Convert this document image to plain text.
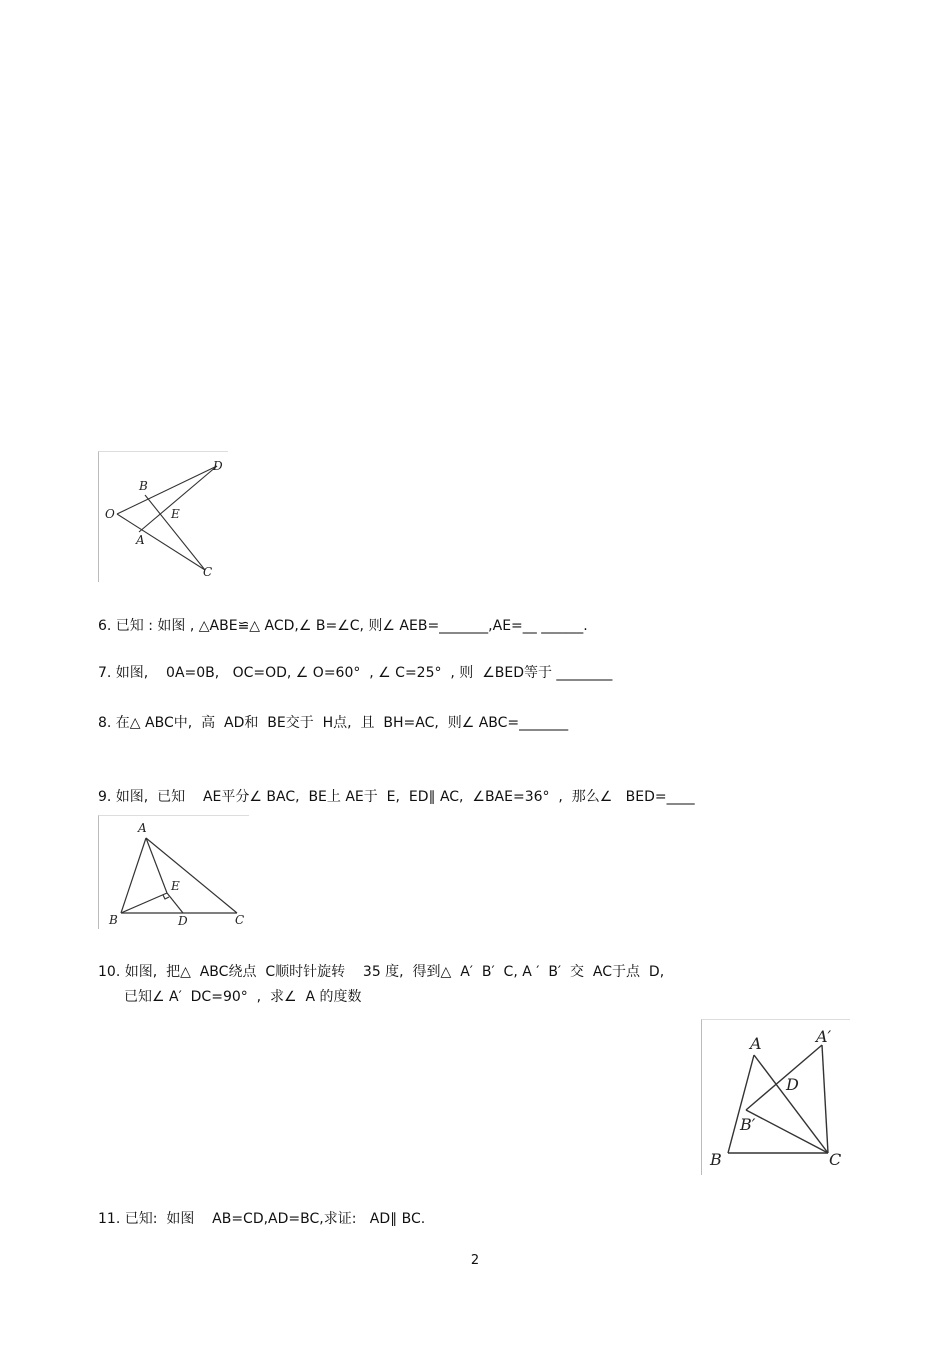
O
B
D
E
A
C
6. 已知 : 如图 , △ABE≌△ ACD,∠ B=∠C, 则∠ AEB=_______,AE=__ ______.
7. 如图,    0A=0B,   OC=OD, ∠ O=60°  , ∠ C=25°  , 则  ∠BED等于 ________
8. 在△ ABC中,  高  AD和  BE交于  H点,  且  BH=AC,  则∠ ABC=_______
9. 如图,  已知    AE平分∠ BAC,  BE上 AE于  E,  ED∥ AC,  ∠BAE=36°  ,  那么∠   BED=____
A
E
B	D	C
10. 如图,  把△  ABC绕点  C顺时针旋转    35 度,  得到△  A′  B′  C, A ′  B′  交  AC于点  D,
已知∠ A′  DC=90°  ,  求∠  A 的度数
A	A′
D
B′
B	C
11. 已知:  如图    AB=CD,AD=BC,求证:   AD∥ BC.
2
